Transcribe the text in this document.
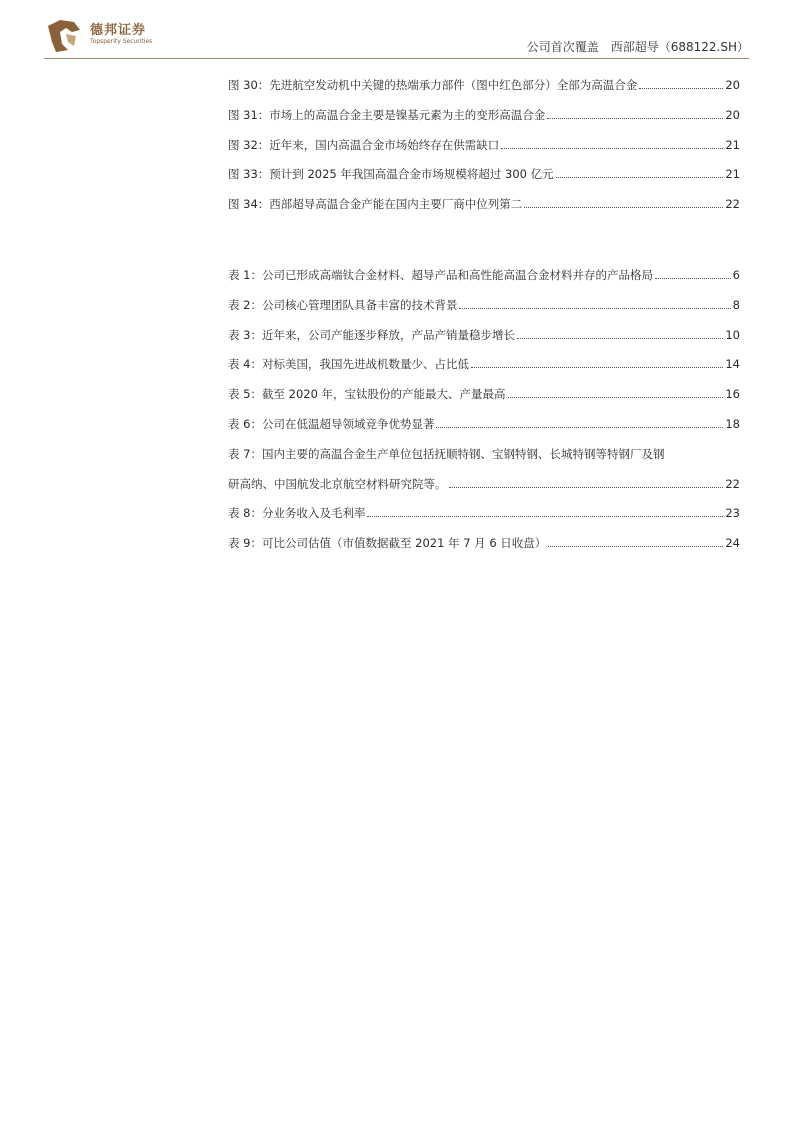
德邦证券
Topsperity Securities	公司首次覆盖　西部超导（688122.SH）
图 30：先进航空发动机中关键的热端承力部件（图中红色部分）全部为高温合金	20
图 31：市场上的高温合金主要是镍基元素为主的变形高温合金	20
图 32：近年来，国内高温合金市场始终存在供需缺口	21
图 33：预计到 2025 年我国高温合金市场规模将超过 300 亿元	21
图 34：西部超导高温合金产能在国内主要厂商中位列第二	22
表 1：公司已形成高端钛合金材料、超导产品和高性能高温合金材料并存的产品格局	6
表 2：公司核心管理团队具备丰富的技术背景	8
表 3：近年来，公司产能逐步释放，产品产销量稳步增长	10
表 4：对标美国，我国先进战机数量少、占比低	14
表 5：截至 2020 年，宝钛股份的产能最大、产量最高	16
表 6：公司在低温超导领域竞争优势显著	18
表 7：国内主要的高温合金生产单位包括抚顺特钢、宝钢特钢、长城特钢等特钢厂及钢
研高纳、中国航发北京航空材料研究院等。	22
表 8：分业务收入及毛利率	23
表 9：可比公司估值（市值数据截至 2021 年 7 月 6 日收盘）	24
